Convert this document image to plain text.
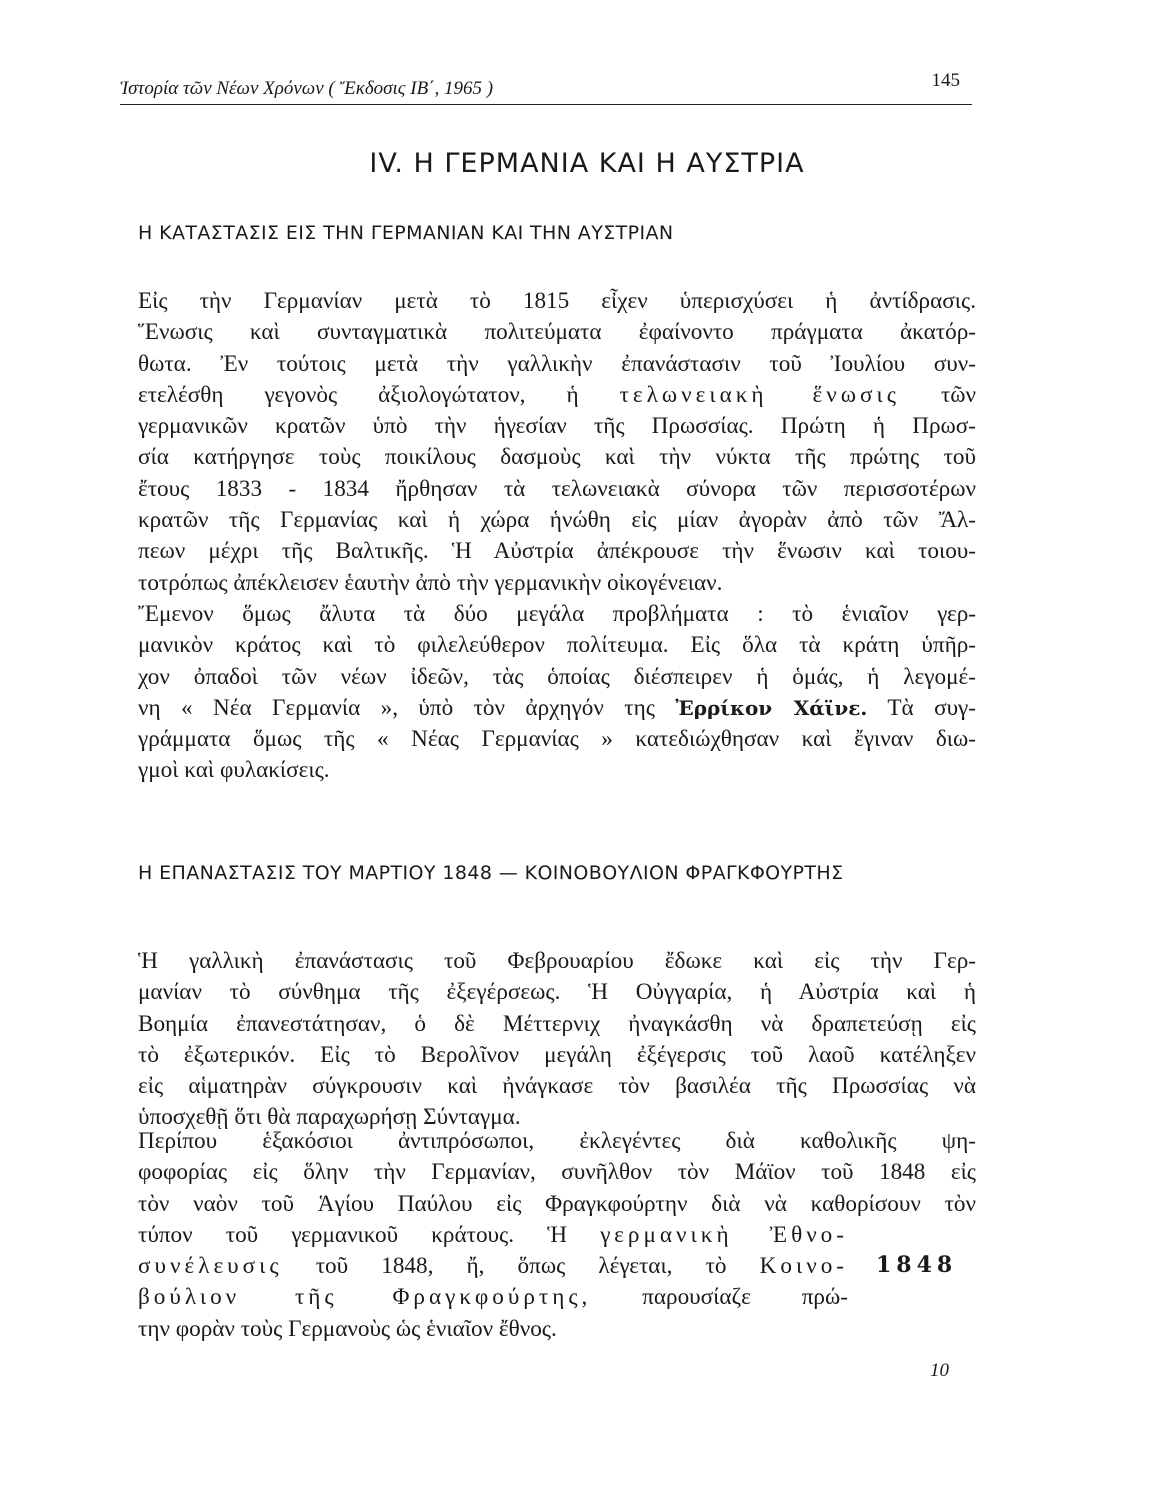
Ἱστορία τῶν Νέων Χρόνων ( Ἔκδοσις ΙΒ΄, 1965 )	145
IV. Η ΓΕΡΜΑΝΙΑ ΚΑΙ Η ΑΥΣΤΡΙΑ
Η ΚΑΤΑΣΤΑΣΙΣ ΕΙΣ ΤΗΝ ΓΕΡΜΑΝΙΑΝ ΚΑΙ ΤΗΝ ΑΥΣΤΡΙΑΝ
Εἰς τὴν Γερμανίαν μετὰ τὸ 1815 εἶχεν ὑπερισχύσει ἡ ἀντίδρασις.
Ἕνωσις καὶ συνταγματικὰ πολιτεύματα ἐφαίνοντο πράγματα ἀκατόρ-
θωτα. Ἐν τούτοις μετὰ τὴν γαλλικὴν ἐπανάστασιν τοῦ Ἰουλίου συν-
ετελέσθη γεγονὸς ἀξιολογώτατον, ἡ τελωνειακὴ ἕνωσις τῶν
γερμανικῶν κρατῶν ὑπὸ τὴν ἡγεσίαν τῆς Πρωσσίας. Πρώτη ἡ Πρωσ-
σία κατήργησε τοὺς ποικίλους δασμοὺς καὶ τὴν νύκτα τῆς πρώτης τοῦ
ἔτους 1833 - 1834 ἤρθησαν τὰ τελωνειακὰ σύνορα τῶν περισσοτέρων
κρατῶν τῆς Γερμανίας καὶ ἡ χώρα ἡνώθη εἰς μίαν ἀγορὰν ἀπὸ τῶν Ἄλ-
πεων μέχρι τῆς Βαλτικῆς. Ἡ Αὐστρία ἀπέκρουσε τὴν ἕνωσιν καὶ τοιου-
τοτρόπως ἀπέκλεισεν ἑαυτὴν ἀπὸ τὴν γερμανικὴν οἰκογένειαν.
Ἔμενον ὅμως ἄλυτα τὰ δύο μεγάλα προβλήματα : τὸ ἑνιαῖον γερ-
μανικὸν κράτος καὶ τὸ φιλελεύθερον πολίτευμα. Εἰς ὅλα τὰ κράτη ὑπῆρ-
χον ὀπαδοὶ τῶν νέων ἰδεῶν, τὰς ὁποίας διέσπειρεν ἡ ὁμάς, ἡ λεγομέ-
νη « Νέα Γερμανία », ὑπὸ τὸν ἀρχηγόν της Ἐρρίκον Χάϊνε. Τὰ συγ-
γράμματα ὅμως τῆς « Νέας Γερμανίας » κατεδιώχθησαν καὶ ἔγιναν διω-
γμοὶ καὶ φυλακίσεις.
Η ΕΠΑΝΑΣΤΑΣΙΣ ΤΟΥ ΜΑΡΤΙΟΥ 1848 — ΚΟΙΝΟΒΟΥΛΙΟΝ ΦΡΑΓΚΦΟΥΡΤΗΣ
Ἡ γαλλικὴ ἐπανάστασις τοῦ Φεβρουαρίου ἔδωκε καὶ εἰς τὴν Γερ-
μανίαν τὸ σύνθημα τῆς ἐξεγέρσεως. Ἡ Οὐγγαρία, ἡ Αὐστρία καὶ ἡ
Βοημία ἐπανεστάτησαν, ὁ δὲ Μέττερνιχ ἠναγκάσθη νὰ δραπετεύσῃ εἰς
τὸ ἐξωτερικόν. Εἰς τὸ Βερολῖνον μεγάλη ἐξέγερσις τοῦ λαοῦ κατέληξεν
εἰς αἱματηρὰν σύγκρουσιν καὶ ἠνάγκασε τὸν βασιλέα τῆς Πρωσσίας νὰ
ὑποσχεθῇ ὅτι θὰ παραχωρήσῃ Σύνταγμα.
Περίπου ἑξακόσιοι ἀντιπρόσωποι, ἐκλεγέντες διὰ καθολικῆς ψη-
φοφορίας εἰς ὅλην τὴν Γερμανίαν, συνῆλθον τὸν Μάϊον τοῦ 1848 εἰς
τὸν ναὸν τοῦ Ἁγίου Παύλου εἰς Φραγκφούρτην διὰ νὰ καθορίσουν τὸν
τύπον τοῦ γερμανικοῦ κράτους. Ἡ γερμανικὴ Ἐθνο-
συνέλευσις τοῦ 1848, ἤ, ὅπως λέγεται, τὸ Κοινο-
βούλιον τῆς Φραγκφούρτης, παρουσίαζε πρώ-
την φορὰν τοὺς Γερμανοὺς ὡς ἑνιαῖον ἔθνος.
1848
10
